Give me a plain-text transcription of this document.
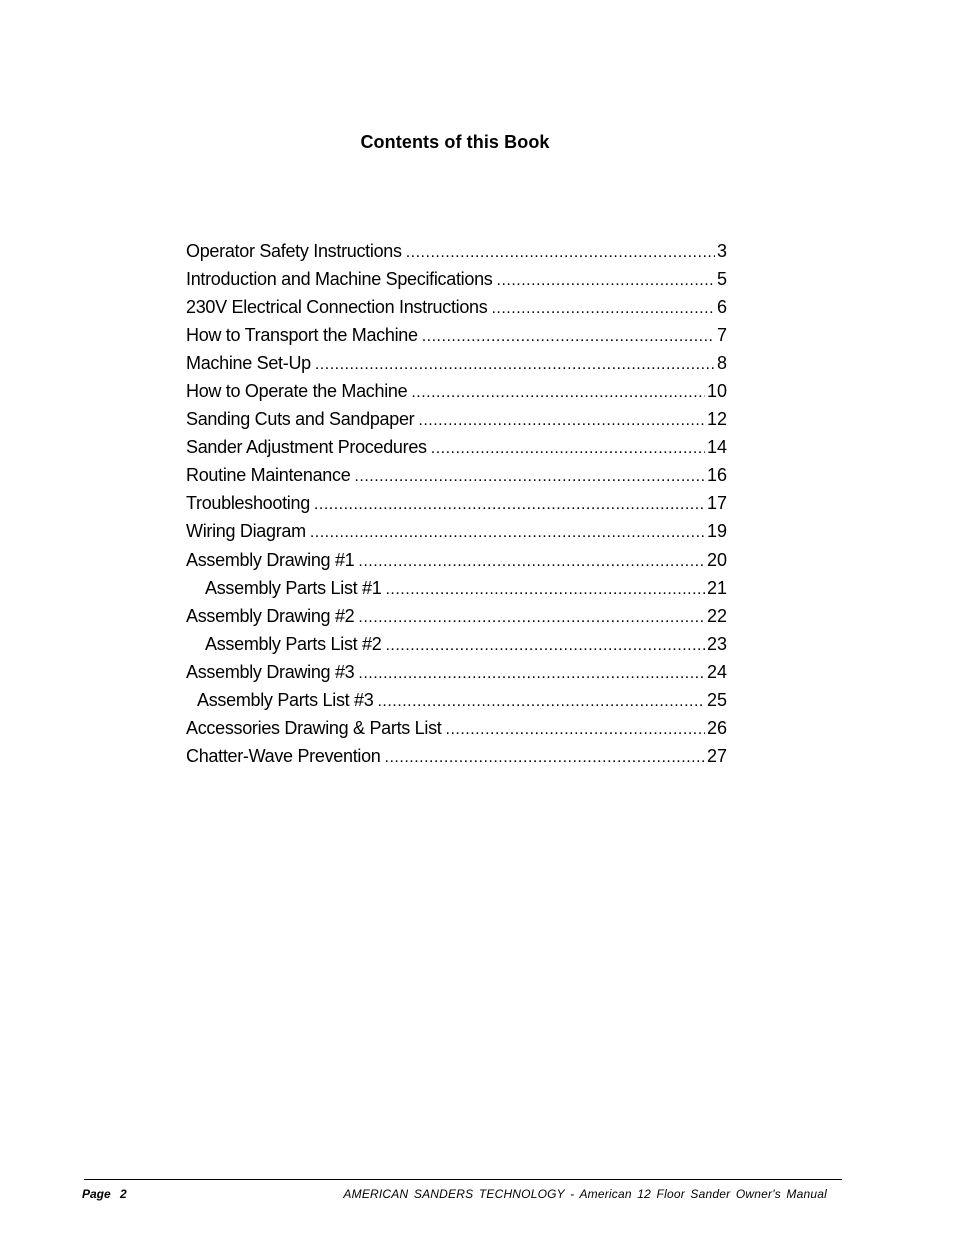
Contents of this Book
Operator Safety Instructions .....	3
Introduction and Machine Specifications .....	5
230V Electrical Connection Instructions .....	6
How to Transport the Machine .....	7
Machine Set-Up .....	8
How to Operate the Machine .....	10
Sanding Cuts and Sandpaper .....	12
Sander Adjustment Procedures .....	14
Routine Maintenance .....	16
Troubleshooting .....	17
Wiring Diagram .....	19
Assembly Drawing #1 .....	20
Assembly Parts List #1 .....	21
Assembly Drawing #2 .....	22
Assembly Parts List #2 .....	23
Assembly Drawing #3 .....	24
Assembly Parts List #3 .....	25
Accessories Drawing & Parts List .....	26
Chatter-Wave Prevention .....	27
Page 2	AMERICAN SANDERS TECHNOLOGY - American 12 Floor Sander Owner's Manual
